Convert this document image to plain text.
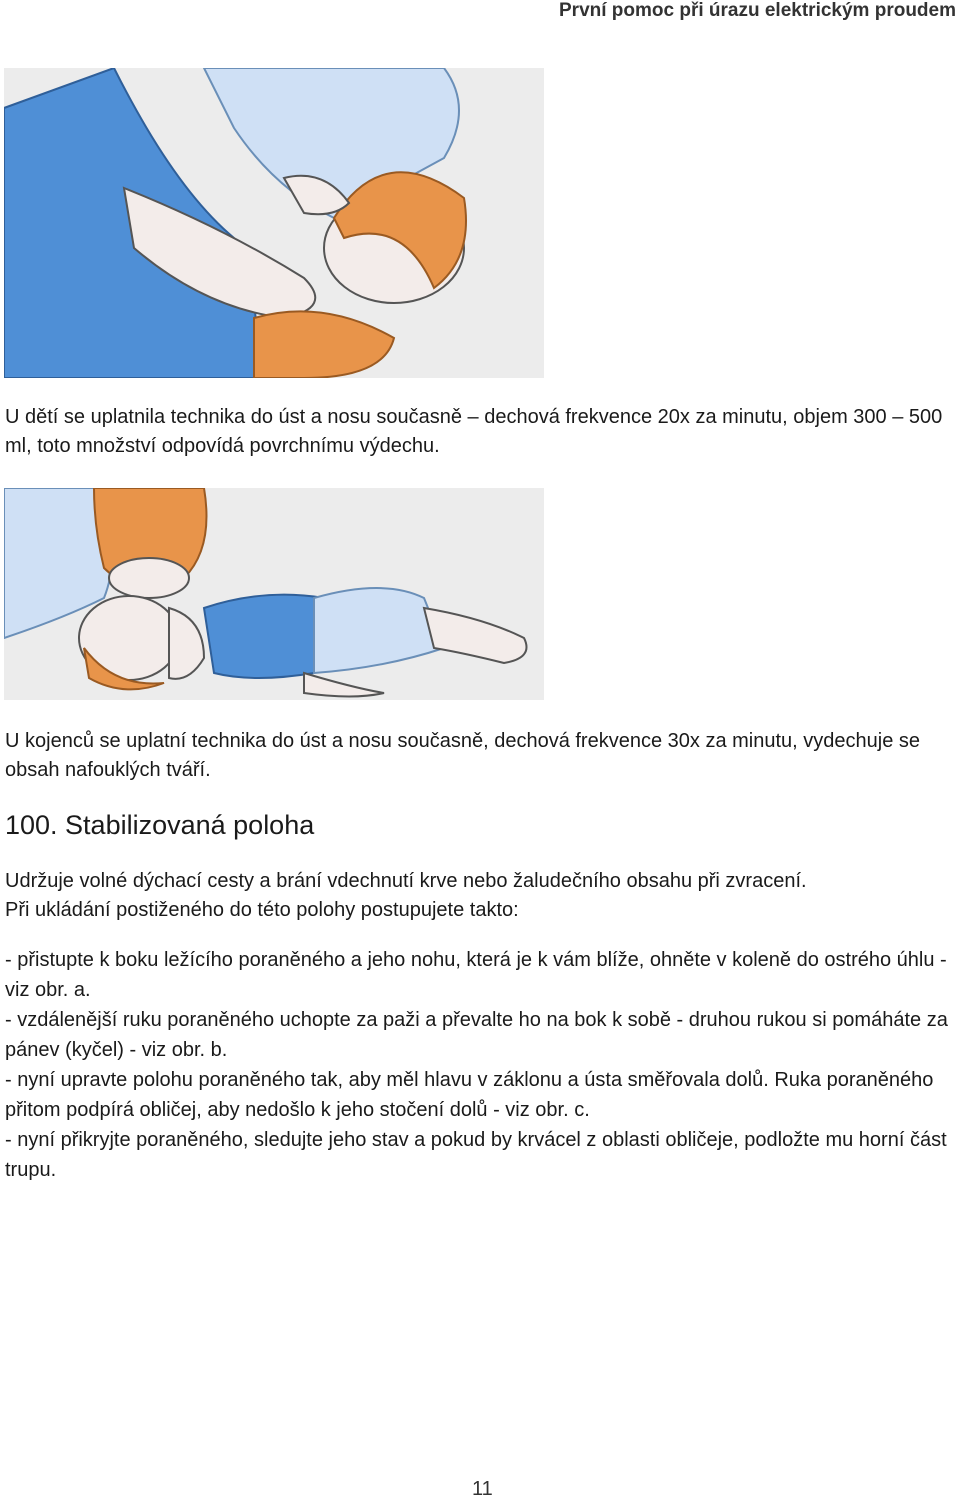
První pomoc při úrazu elektrickým proudem

U dětí se uplatnila technika do úst a nosu současně – dechová frekvence 20x za minutu, objem 300 – 500 ml, toto množství odpovídá povrchnímu výdechu.

U kojenců se uplatní technika do úst a nosu současně, dechová frekvence 30x za minutu, vydechuje se obsah nafouklých tváří.

100. Stabilizovaná poloha
Udržuje volné dýchací cesty a brání vdechnutí krve nebo žaludečního obsahu při zvracení.
Při ukládání postiženého do této polohy postupujete takto:
- přistupte k boku ležícího poraněného a jeho nohu, která je k vám blíže, ohněte v koleně do ostrého úhlu - viz obr. a.
- vzdálenější ruku poraněného uchopte za paži a převalte ho na bok k sobě - druhou rukou si pomáháte za pánev (kyčel) - viz obr. b.
- nyní upravte polohu poraněného tak, aby měl hlavu v záklonu a ústa směřovala dolů. Ruka poraněného přitom podpírá obličej, aby nedošlo k jeho stočení dolů - viz obr. c.
- nyní přikryjte poraněného, sledujte jeho stav a pokud by krvácel z oblasti obličeje, podložte mu horní část trupu.
11
